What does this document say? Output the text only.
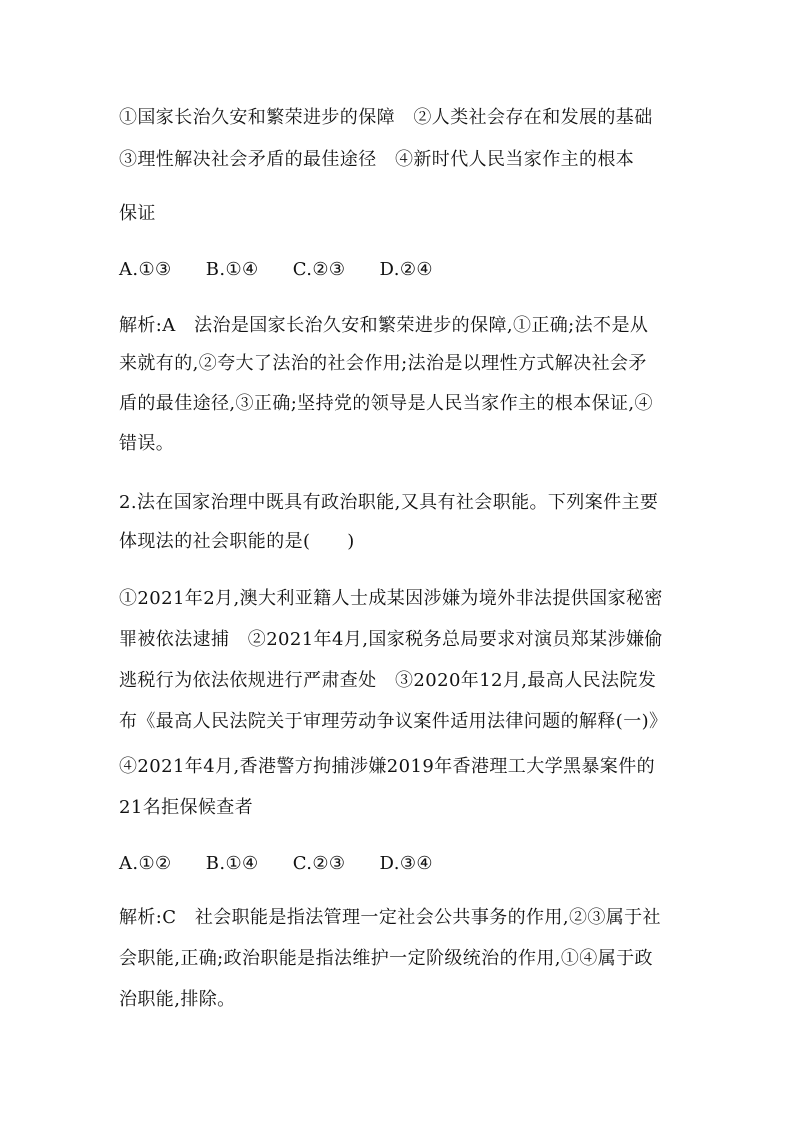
①国家长治久安和繁荣进步的保障　②人类社会存在和发展的基础
③理性解决社会矛盾的最佳途径　④新时代人民当家作主的根本
保证
A.①③ B.①④ C.②③ D.②④
解析:A　法治是国家长治久安和繁荣进步的保障,①正确;法不是从
来就有的,②夸大了法治的社会作用;法治是以理性方式解决社会矛
盾的最佳途径,③正确;坚持党的领导是人民当家作主的根本保证,④
错误。
2.法在国家治理中既具有政治职能,又具有社会职能。下列案件主要
体现法的社会职能的是(　　)
①2021年2月,澳大利亚籍人士成某因涉嫌为境外非法提供国家秘密
罪被依法逮捕　②2021年4月,国家税务总局要求对演员郑某涉嫌偷
逃税行为依法依规进行严肃查处　③2020年12月,最高人民法院发
布《最高人民法院关于审理劳动争议案件适用法律问题的解释(一)》
④2021年4月,香港警方拘捕涉嫌2019年香港理工大学黑暴案件的
21名拒保候查者
A.①② B.①④ C.②③ D.③④
解析:C　社会职能是指法管理一定社会公共事务的作用,②③属于社
会职能,正确;政治职能是指法维护一定阶级统治的作用,①④属于政
治职能,排除。
